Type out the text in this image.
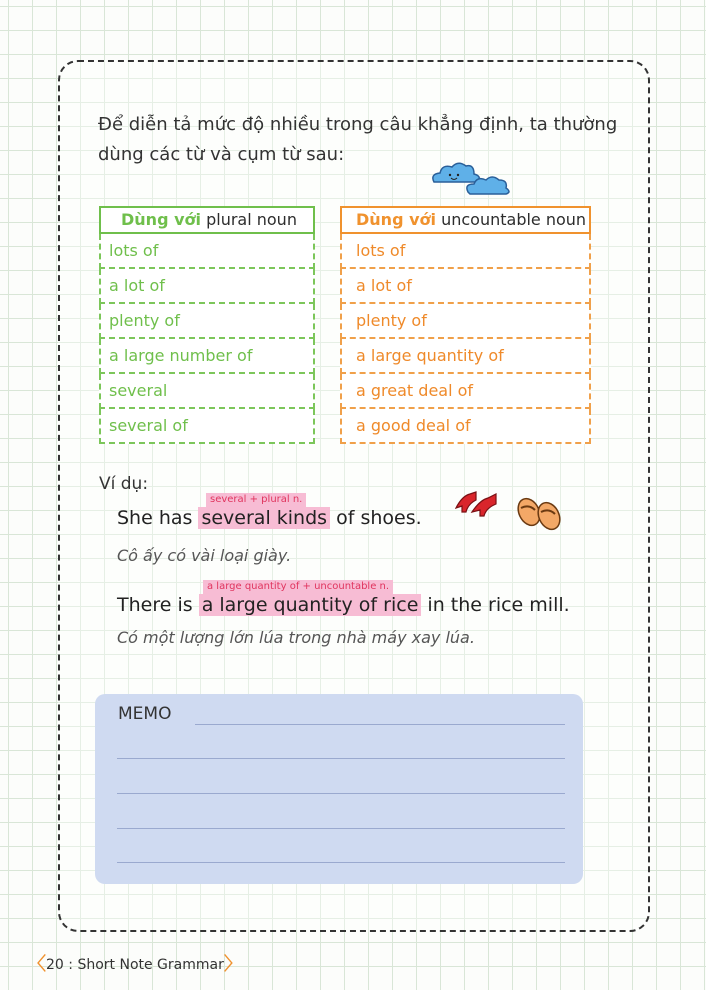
Để diễn tả mức độ nhiều trong câu khẳng định, ta thường
dùng các từ và cụm từ sau:
Dùng với plural noun
lots of
a lot of
plenty of
a large number of
several
several of
Dùng với uncountable noun
lots of
a lot of
plenty of
a large quantity of
a great deal of
a good deal of
Ví dụ:
several + plural n.
She has several kinds of shoes.
Cô ấy có vài loại giày.
a large quantity of + uncountable n.
There is a large quantity of rice in the rice mill.
Có một lượng lớn lúa trong nhà máy xay lúa.
MEMO
〈20 : Short Note Grammar〉
